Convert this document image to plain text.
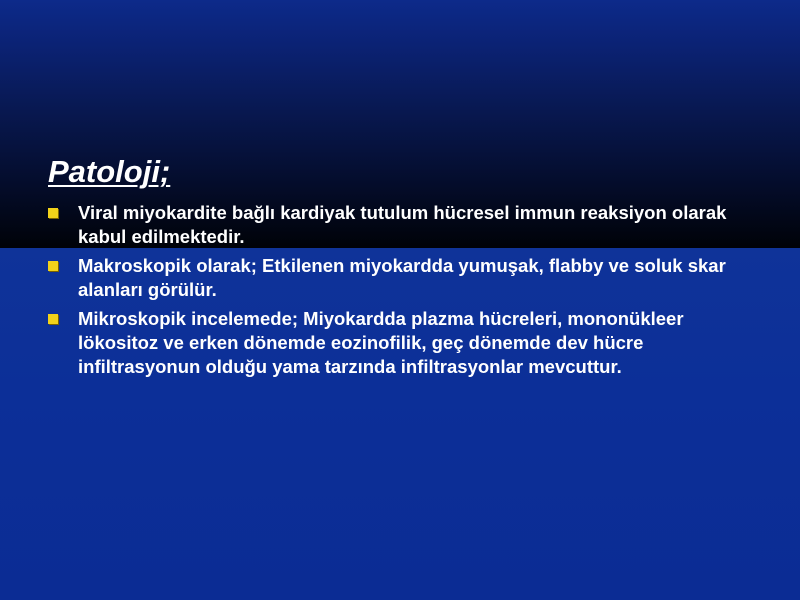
Patoloji;
Viral miyokardite bağlı kardiyak tutulum hücresel immun reaksiyon olarak kabul edilmektedir.
Makroskopik olarak; Etkilenen miyokardda yumuşak, flabby ve soluk skar alanları görülür.
Mikroskopik incelemede; Miyokardda plazma hücreleri, mononükleer lökositoz ve erken dönemde eozinofilik, geç dönemde dev hücre infiltrasyonun olduğu yama tarzında infiltrasyonlar mevcuttur.
